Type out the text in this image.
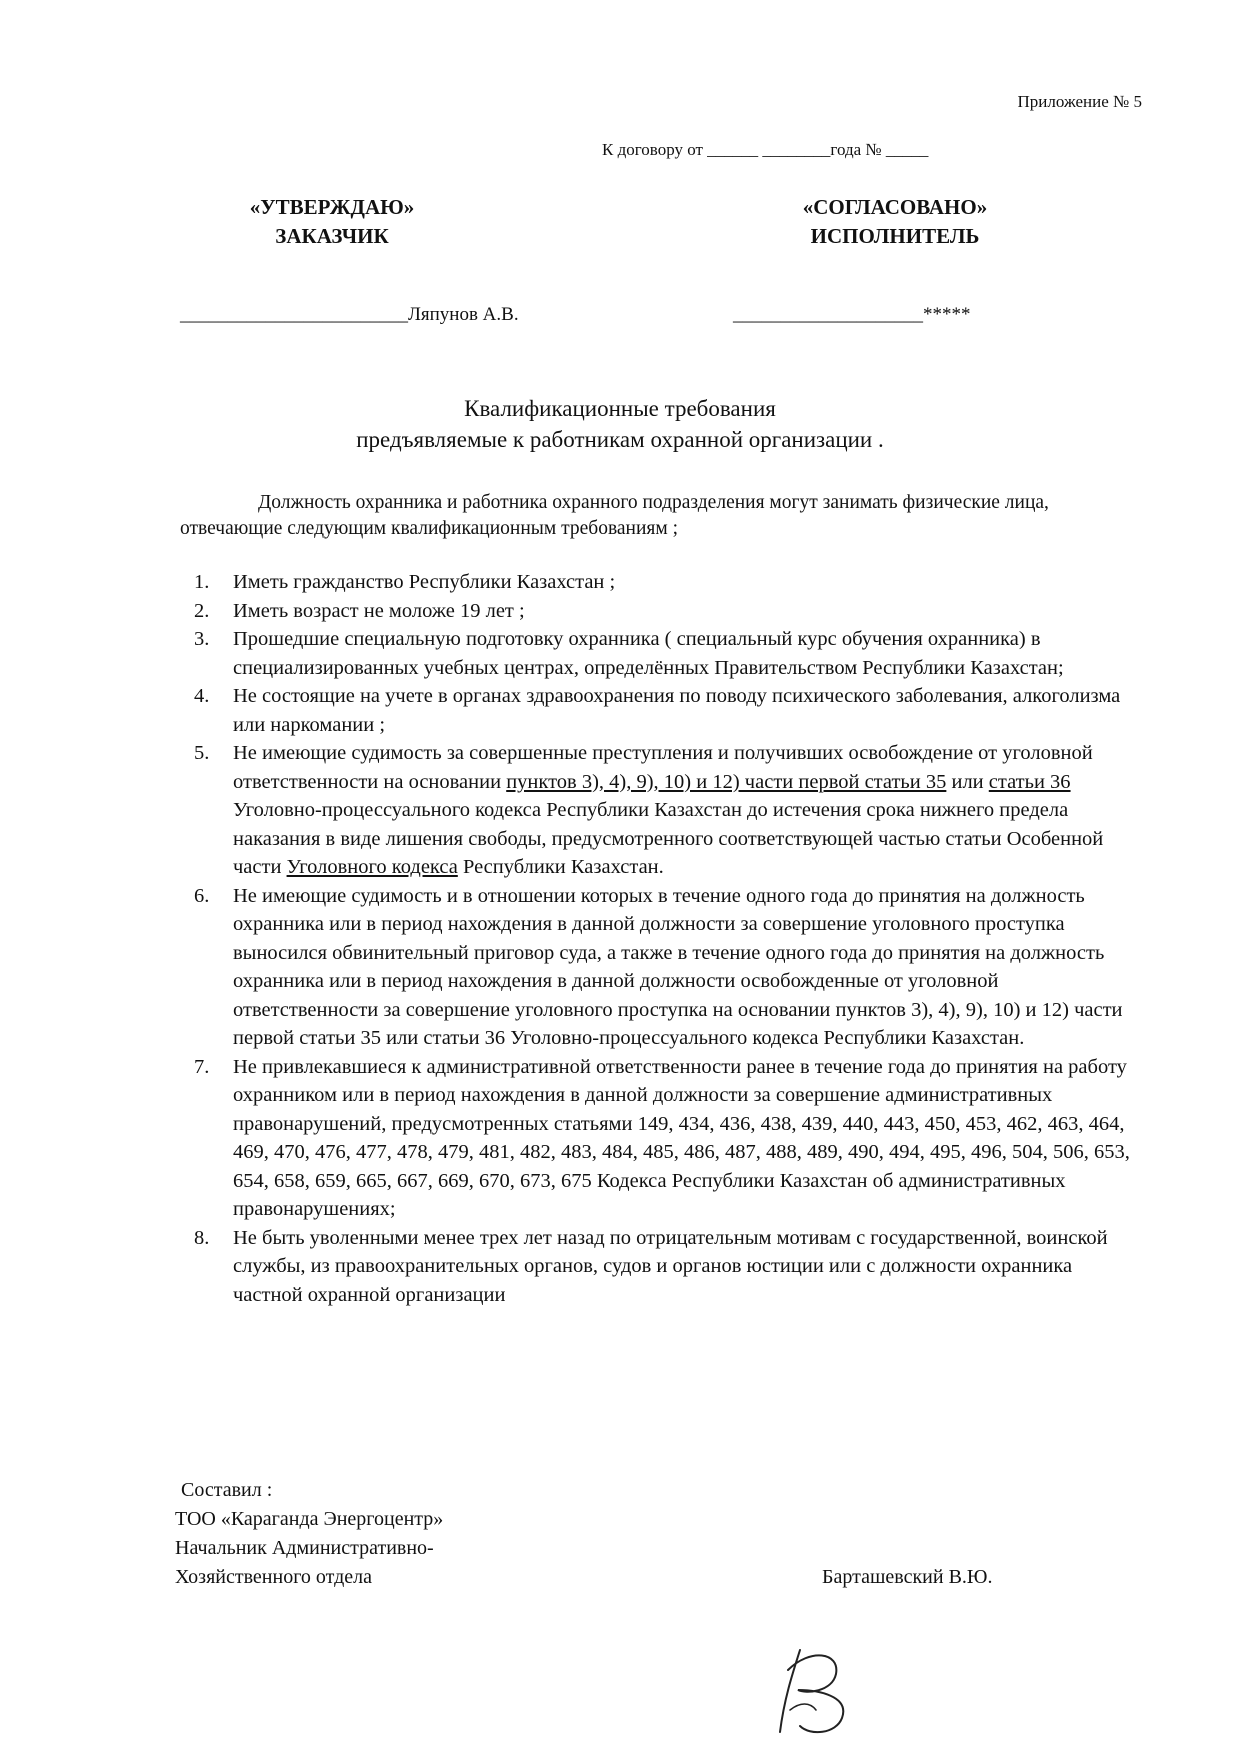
Приложение № 5
К договору от ______ ________года № _____
«УТВЕРЖДАЮ»
ЗАКАЗЧИК
«СОГЛАСОВАНО»
ИСПОЛНИТЕЛЬ
________________________Ляпунов А.В.	____________________*****
Квалификационные требования
предъявляемые к работникам охранной организации .
Должность охранника и работника охранного подразделения могут занимать физические лица, отвечающие следующим квалификационным требованиям ;
1. Иметь гражданство Республики Казахстан ;
2. Иметь возраст не моложе 19 лет ;
3. Прошедшие специальную подготовку охранника ( специальный курс обучения охранника) в специализированных учебных центрах, определённых Правительством Республики Казахстан;
4. Не состоящие на учете в органах здравоохранения по поводу психического заболевания, алкоголизма или наркомании ;
5. Не имеющие судимость за совершенные преступления и получивших освобождение от уголовной ответственности на основании пунктов 3), 4), 9), 10) и 12) части первой статьи 35 или статьи 36 Уголовно-процессуального кодекса Республики Казахстан до истечения срока нижнего предела наказания в виде лишения свободы, предусмотренного соответствующей частью статьи Особенной части Уголовного кодекса Республики Казахстан.
6. Не имеющие судимость и в отношении которых в течение одного года до принятия на должность охранника или в период нахождения в данной должности за совершение уголовного проступка выносился обвинительный приговор суда, а также в течение одного года до принятия на должность охранника или в период нахождения в данной должности освобожденные от уголовной ответственности за совершение уголовного проступка на основании пунктов 3), 4), 9), 10) и 12) части первой статьи 35 или статьи 36 Уголовно-процессуального кодекса Республики Казахстан.
7. Не привлекавшиеся к административной ответственности ранее в течение года до принятия на работу охранником или в период нахождения в данной должности за совершение административных правонарушений, предусмотренных статьями 149, 434, 436, 438, 439, 440, 443, 450, 453, 462, 463, 464, 469, 470, 476, 477, 478, 479, 481, 482, 483, 484, 485, 486, 487, 488, 489, 490, 494, 495, 496, 504, 506, 653, 654, 658, 659, 665, 667, 669, 670, 673, 675 Кодекса Республики Казахстан об административных правонарушениях;
8. Не быть уволенными менее трех лет назад по отрицательным мотивам с государственной, воинской службы, из правоохранительных органов, судов и органов юстиции или с должности охранника частной охранной организации
Составил :
ТОО «Караганда Энергоцентр»
Начальник Административно-
Хозяйственного отдела	Барташевский В.Ю.
